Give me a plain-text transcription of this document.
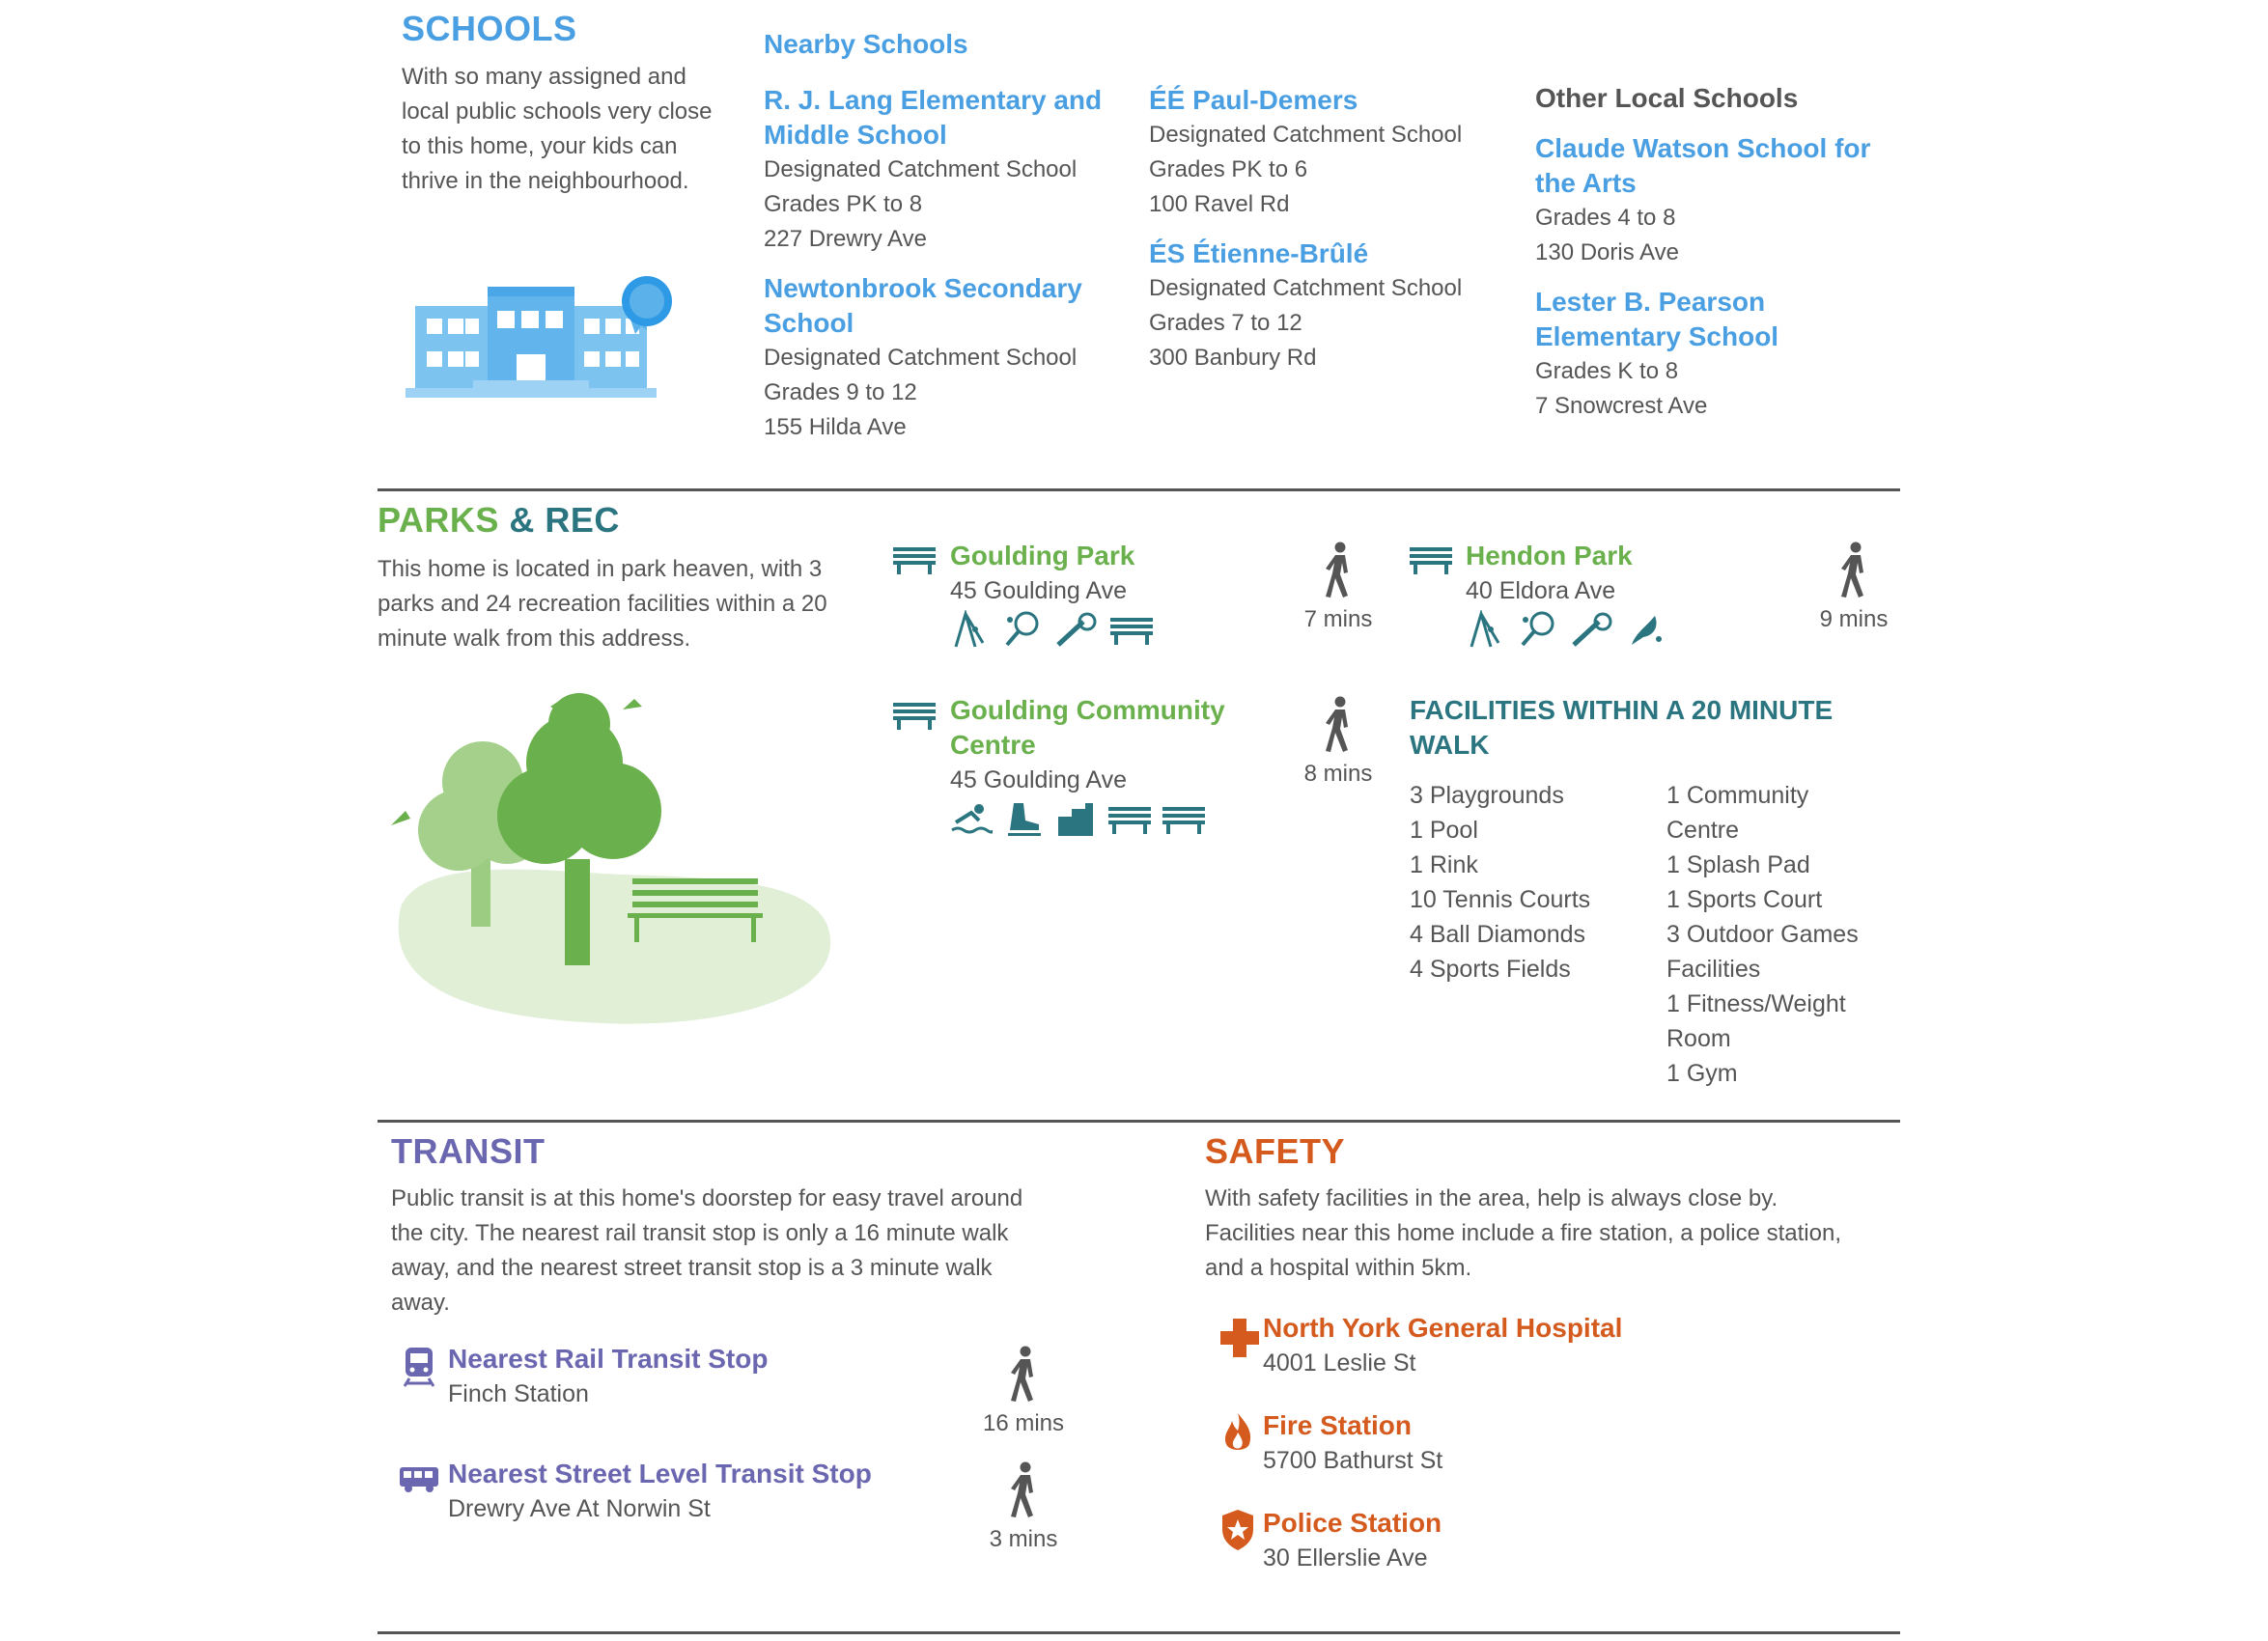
SCHOOLS
With so many assigned and local public schools very close to this home, your kids can thrive in the neighbourhood.
Nearby Schools
R. J. Lang Elementary and Middle School
Designated Catchment School
Grades PK to 8
227 Drewry Ave
Newtonbrook Secondary School
Designated Catchment School
Grades 9 to 12
155 Hilda Ave
ÉÉ Paul-Demers
Designated Catchment School
Grades PK to 6
100 Ravel Rd
ÉS Étienne-Brûlé
Designated Catchment School
Grades 7 to 12
300 Banbury Rd
Other Local Schools
Claude Watson School for the Arts
Grades 4 to 8
130 Doris Ave
Lester B. Pearson Elementary School
Grades K to 8
7 Snowcrest Ave
PARKS & REC
This home is located in park heaven, with 3 parks and 24 recreation facilities within a 20 minute walk from this address.
Goulding Park
45 Goulding Ave
7 mins
Hendon Park
40 Eldora Ave
9 mins
Goulding Community Centre
45 Goulding Ave	8 mins
FACILITIES WITHIN A 20 MINUTE WALK
3 Playgrounds
1 Pool
1 Rink
10 Tennis Courts
4 Ball Diamonds
4 Sports Fields
1 Community Centre
1 Splash Pad
1 Sports Court
3 Outdoor Games Facilities
1 Fitness/Weight Room
1 Gym
TRANSIT
Public transit is at this home's doorstep for easy travel around the city. The nearest rail transit stop is only a 16 minute walk away, and the nearest street transit stop is a 3 minute walk away.
Nearest Rail Transit Stop
Finch Station
16 mins
Nearest Street Level Transit Stop
Drewry Ave At Norwin St
3 mins
SAFETY
With safety facilities in the area, help is always close by. Facilities near this home include a fire station, a police station, and a hospital within 5km.
North York General Hospital
4001 Leslie St
Fire Station
5700 Bathurst St
Police Station
30 Ellerslie Ave
